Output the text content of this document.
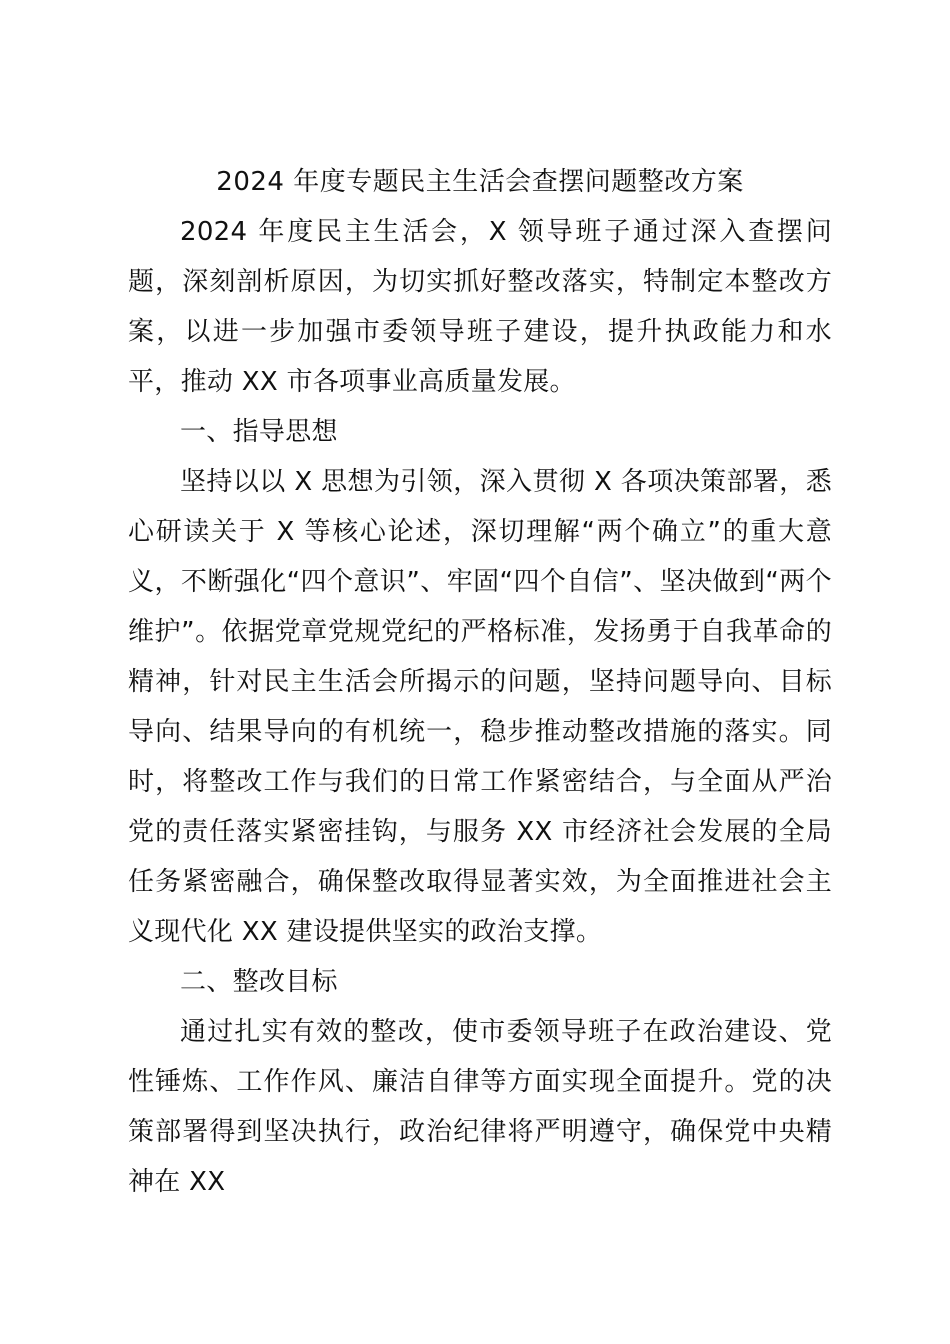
2024 年度专题民主生活会查摆问题整改方案

2024 年度民主生活会，X 领导班子通过深入查摆问题，深刻剖析原因，为切实抓好整改落实，特制定本整改方案，以进一步加强市委领导班子建设，提升执政能力和水平，推动 XX 市各项事业高质量发展。

一、指导思想

坚持以以 X 思想为引领，深入贯彻 X 各项决策部署，悉心研读关于 X 等核心论述，深切理解“两个确立”的重大意义，不断强化“四个意识”、牢固“四个自信”、坚决做到“两个维护”。依据党章党规党纪的严格标准，发扬勇于自我革命的精神，针对民主生活会所揭示的问题，坚持问题导向、目标导向、结果导向的有机统一，稳步推动整改措施的落实。同时，将整改工作与我们的日常工作紧密结合，与全面从严治党的责任落实紧密挂钩，与服务 XX 市经济社会发展的全局任务紧密融合，确保整改取得显著实效，为全面推进社会主义现代化 XX 建设提供坚实的政治支撑。

二、整改目标

通过扎实有效的整改，使市委领导班子在政治建设、党性锤炼、工作作风、廉洁自律等方面实现全面提升。党的决策部署得到坚决执行，政治纪律将严明遵守，确保党中央精神在 XX
